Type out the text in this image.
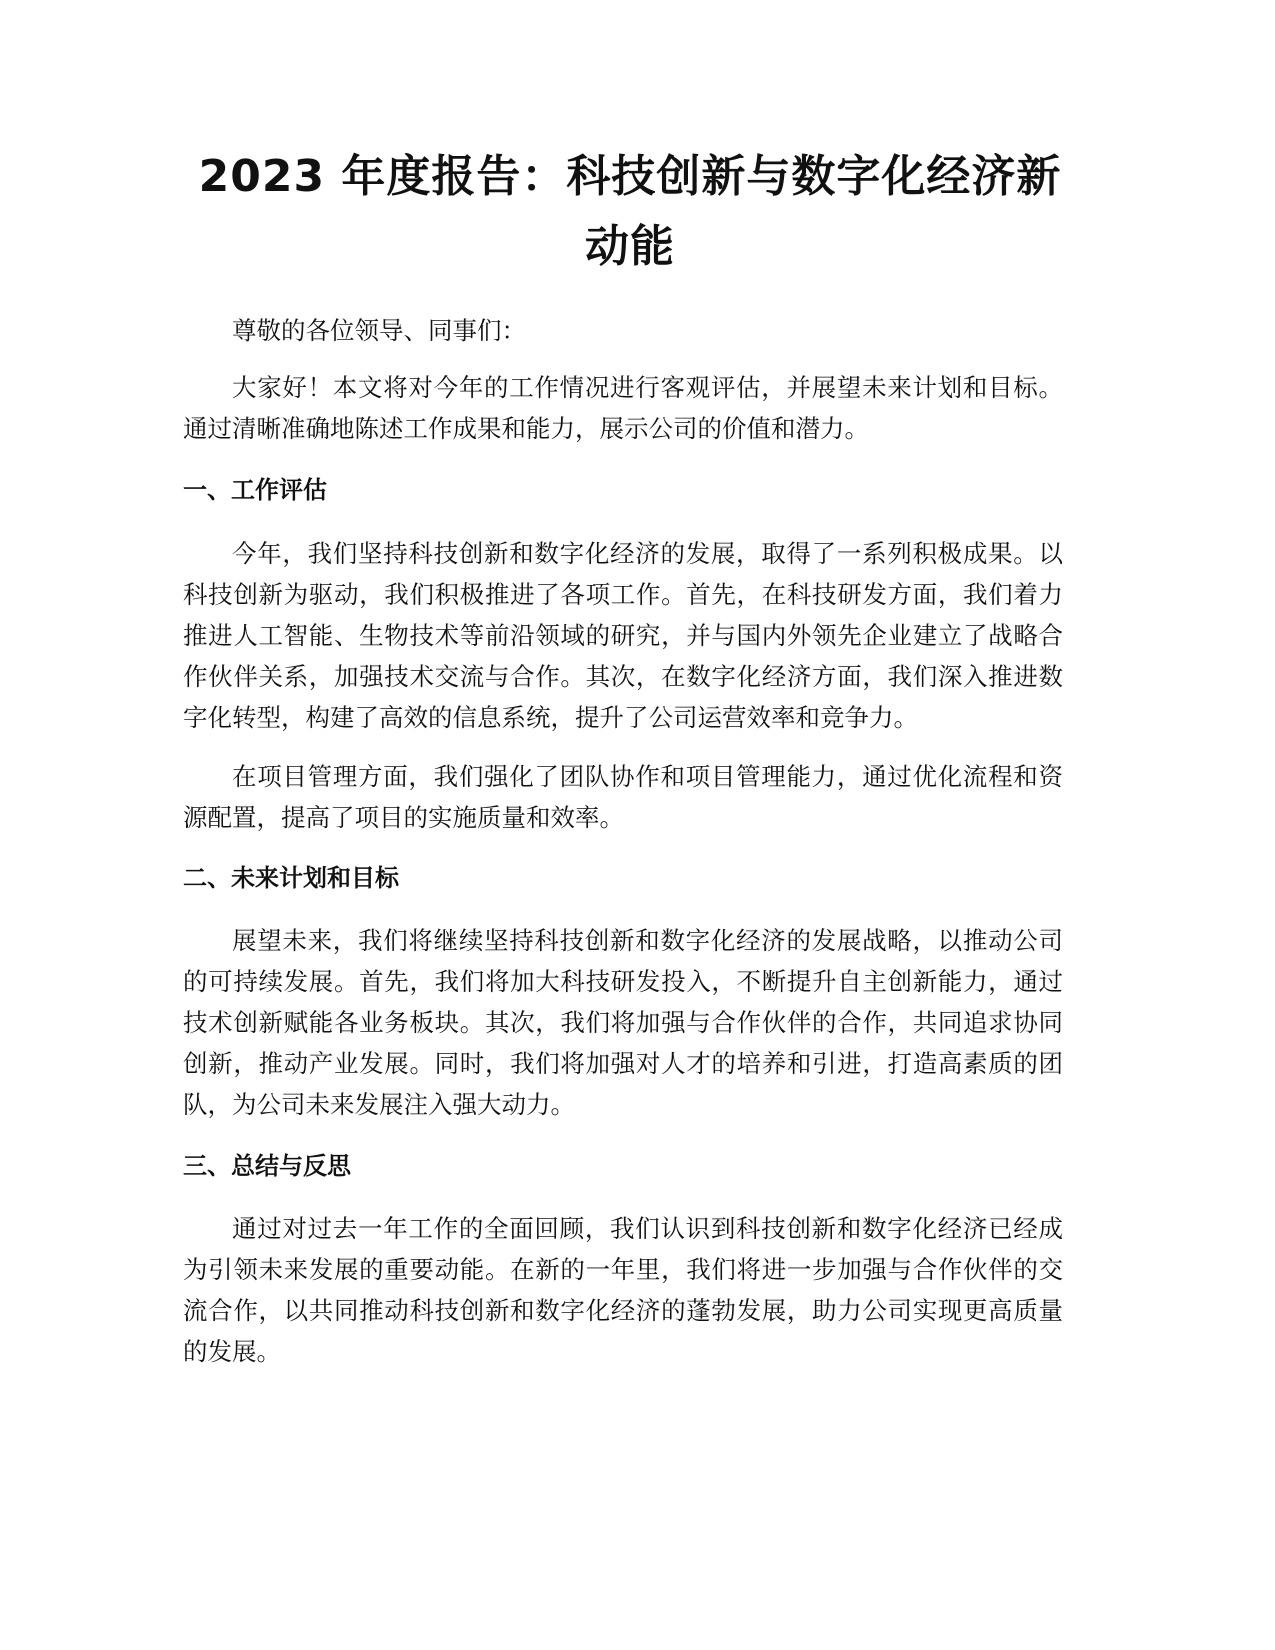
2023 年度报告：科技创新与数字化经济新动能

尊敬的各位领导、同事们：

大家好！本文将对今年的工作情况进行客观评估，并展望未来计划和目标。通过清晰准确地陈述工作成果和能力，展示公司的价值和潜力。

一、工作评估

今年，我们坚持科技创新和数字化经济的发展，取得了一系列积极成果。以科技创新为驱动，我们积极推进了各项工作。首先，在科技研发方面，我们着力推进人工智能、生物技术等前沿领域的研究，并与国内外领先企业建立了战略合作伙伴关系，加强技术交流与合作。其次，在数字化经济方面，我们深入推进数字化转型，构建了高效的信息系统，提升了公司运营效率和竞争力。

在项目管理方面，我们强化了团队协作和项目管理能力，通过优化流程和资源配置，提高了项目的实施质量和效率。

二、未来计划和目标

展望未来，我们将继续坚持科技创新和数字化经济的发展战略，以推动公司的可持续发展。首先，我们将加大科技研发投入，不断提升自主创新能力，通过技术创新赋能各业务板块。其次，我们将加强与合作伙伴的合作，共同追求协同创新，推动产业发展。同时，我们将加强对人才的培养和引进，打造高素质的团队，为公司未来发展注入强大动力。

三、总结与反思

通过对过去一年工作的全面回顾，我们认识到科技创新和数字化经济已经成为引领未来发展的重要动能。在新的一年里，我们将进一步加强与合作伙伴的交流合作，以共同推动科技创新和数字化经济的蓬勃发展，助力公司实现更高质量的发展。
